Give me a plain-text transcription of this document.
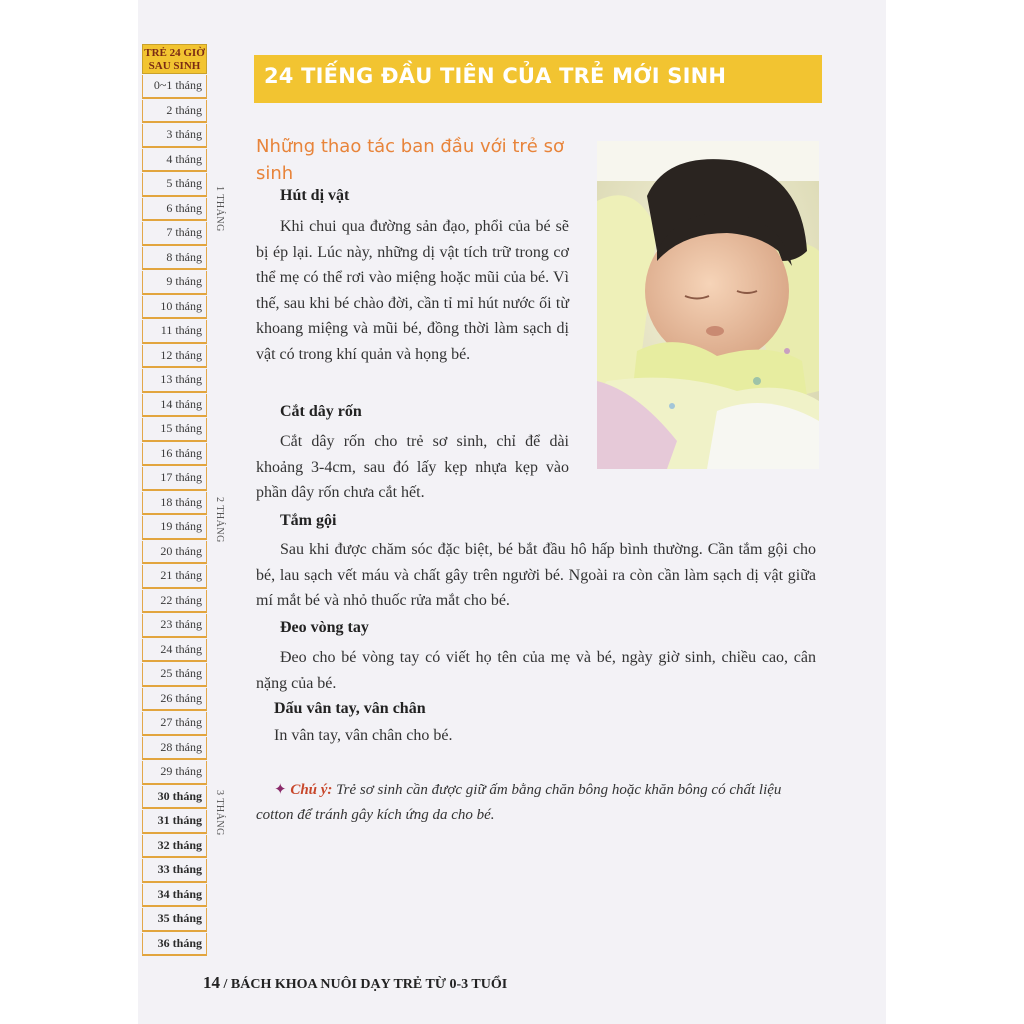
TRẺ 24 GIỜ SAU SINH
0~1 tháng
2 tháng
3 tháng
4 tháng
5 tháng
6 tháng
7 tháng
8 tháng
9 tháng
10 tháng
11 tháng
12 tháng
13 tháng
14 tháng
15 tháng
16 tháng
17 tháng
18 tháng
19 tháng
20 tháng
21 tháng
22 tháng
23 tháng
24 tháng
25 tháng
26 tháng
27 tháng
28 tháng
29 tháng
30 tháng
31 tháng
32 tháng
33 tháng
34 tháng
35 tháng
36 tháng
1 THÁNG
2 THÁNG
3 THÁNG
24 TIẾNG ĐẦU TIÊN CỦA TRẺ MỚI SINH
Những thao tác ban đầu với trẻ sơ sinh
Hút dị vật
Khi chui qua đường sản đạo, phổi của bé sẽ bị ép lại. Lúc này, những dị vật tích trữ trong cơ thể mẹ có thể rơi vào miệng hoặc mũi của bé. Vì thế, sau khi bé chào đời, cần tỉ mỉ hút nước ối từ khoang miệng và mũi bé, đồng thời làm sạch dị vật có trong khí quản và họng bé.
Cắt dây rốn
Cắt dây rốn cho trẻ sơ sinh, chỉ để dài khoảng 3-4cm, sau đó lấy kẹp nhựa kẹp vào phần dây rốn chưa cắt hết.
Tắm gội
Sau khi được chăm sóc đặc biệt, bé bắt đầu hô hấp bình thường. Cần tắm gội cho bé, lau sạch vết máu và chất gây trên người bé. Ngoài ra còn cần làm sạch dị vật giữa mí mắt bé và nhỏ thuốc rửa mắt cho bé.
Đeo vòng tay
Đeo cho bé vòng tay có viết họ tên của mẹ và bé, ngày giờ sinh, chiều cao, cân nặng của bé.
Dấu vân tay, vân chân
In vân tay, vân chân cho bé.
✦ Chú ý: Trẻ sơ sinh cần được giữ ấm bằng chăn bông hoặc khăn bông có chất liệu cotton để tránh gây kích ứng da cho bé.
14 / BÁCH KHOA NUÔI DẠY TRẺ TỪ 0-3 TUỔI
